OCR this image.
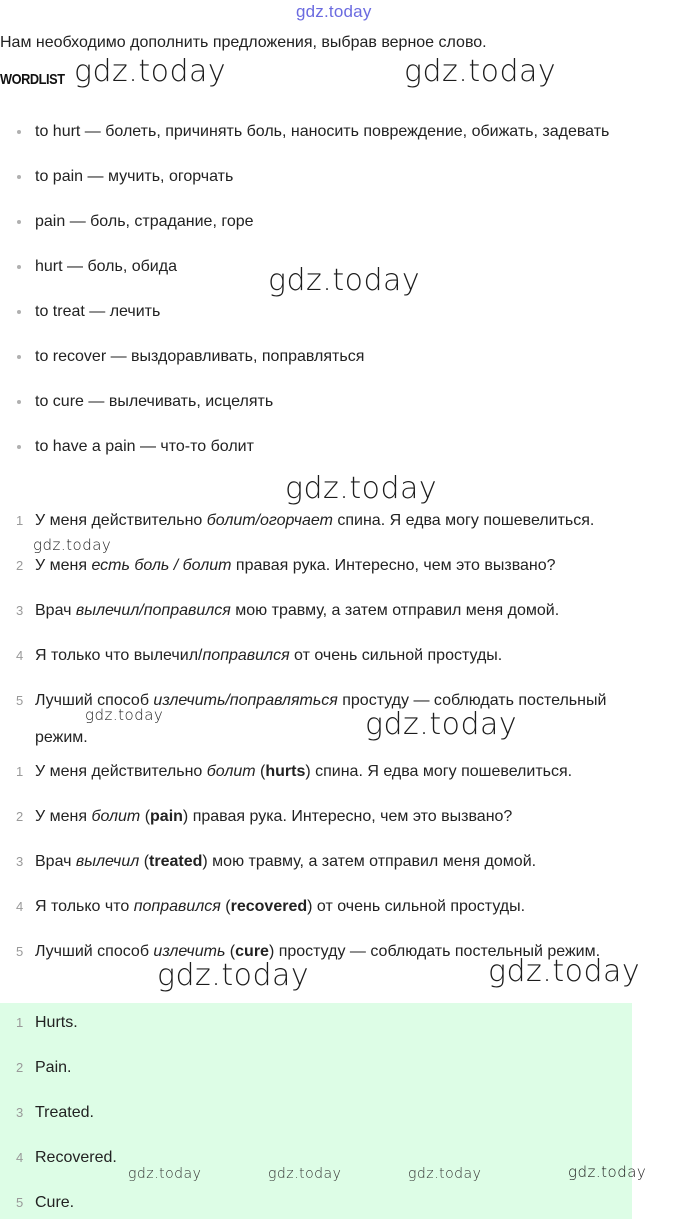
gdz.today
Нам необходимо дополнить предложения, выбрав верное слово.
WORDLIST
to hurt — болеть, причинять боль, наносить повреждение, обижать, задевать
to pain — мучить, огорчать
pain — боль, страдание, горе
hurt — боль, обида
to treat — лечить
to recover — выздоравливать, поправляться
to cure — вылечивать, исцелять
to have a pain — что-то болит
1 У меня действительно болит/огорчает спина. Я едва могу пошевелиться.
2 У меня есть боль / болит правая рука. Интересно, чем это вызвано?
3 Врач вылечил/поправился мою травму, а затем отправил меня домой.
4 Я только что вылечил/поправился от очень сильной простуды.
5 Лучший способ излечить/поправляться простуду — соблюдать постельный режим.
1 У меня действительно болит (hurts) спина. Я едва могу пошевелиться.
2 У меня болит (pain) правая рука. Интересно, чем это вызвано?
3 Врач вылечил (treated) мою травму, а затем отправил меня домой.
4 Я только что поправился (recovered) от очень сильной простуды.
5 Лучший способ излечить (cure) простуду — соблюдать постельный режим.
1 Hurts.
2 Pain.
3 Treated.
4 Recovered.
5 Cure.
gdz.today	gdz.today
gdz.today
gdz.today
gdz.today
gdz.today	gdz.today
gdz.today	gdz.today
gdz.today	gdz.today	gdz.today	gdz.today
